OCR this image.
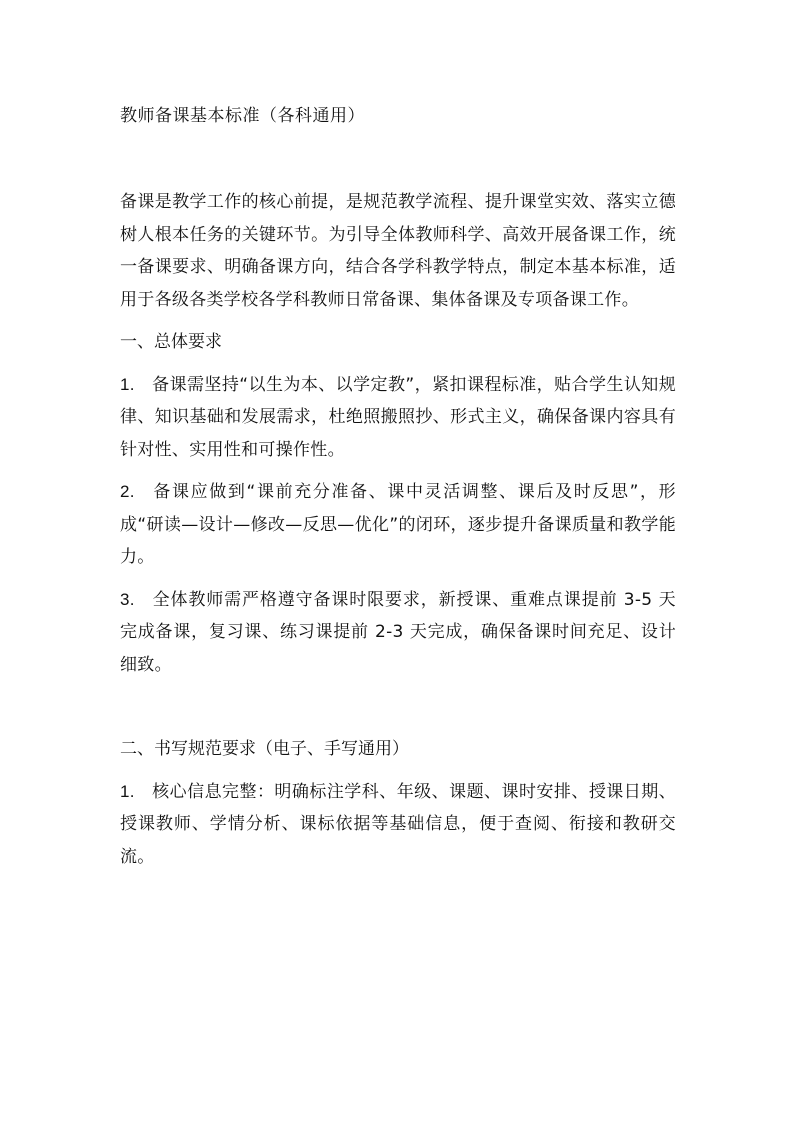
教师备课基本标准（各科通用）

备课是教学工作的核心前提，是规范教学流程、提升课堂实效、落实立德树人根本任务的关键环节。为引导全体教师科学、高效开展备课工作，统一备课要求、明确备课方向，结合各学科教学特点，制定本基本标准，适用于各级各类学校各学科教师日常备课、集体备课及专项备课工作。

一、总体要求

1. 备课需坚持“以生为本、以学定教”，紧扣课程标准，贴合学生认知规律、知识基础和发展需求，杜绝照搬照抄、形式主义，确保备课内容具有针对性、实用性和可操作性。

2. 备课应做到“课前充分准备、课中灵活调整、课后及时反思”，形成“研读—设计—修改—反思—优化”的闭环，逐步提升备课质量和教学能力。

3. 全体教师需严格遵守备课时限要求，新授课、重难点课提前 3-5 天完成备课，复习课、练习课提前 2-3 天完成，确保备课时间充足、设计细致。

二、书写规范要求（电子、手写通用）

1. 核心信息完整：明确标注学科、年级、课题、课时安排、授课日期、授课教师、学情分析、课标依据等基础信息，便于查阅、衔接和教研交流。
